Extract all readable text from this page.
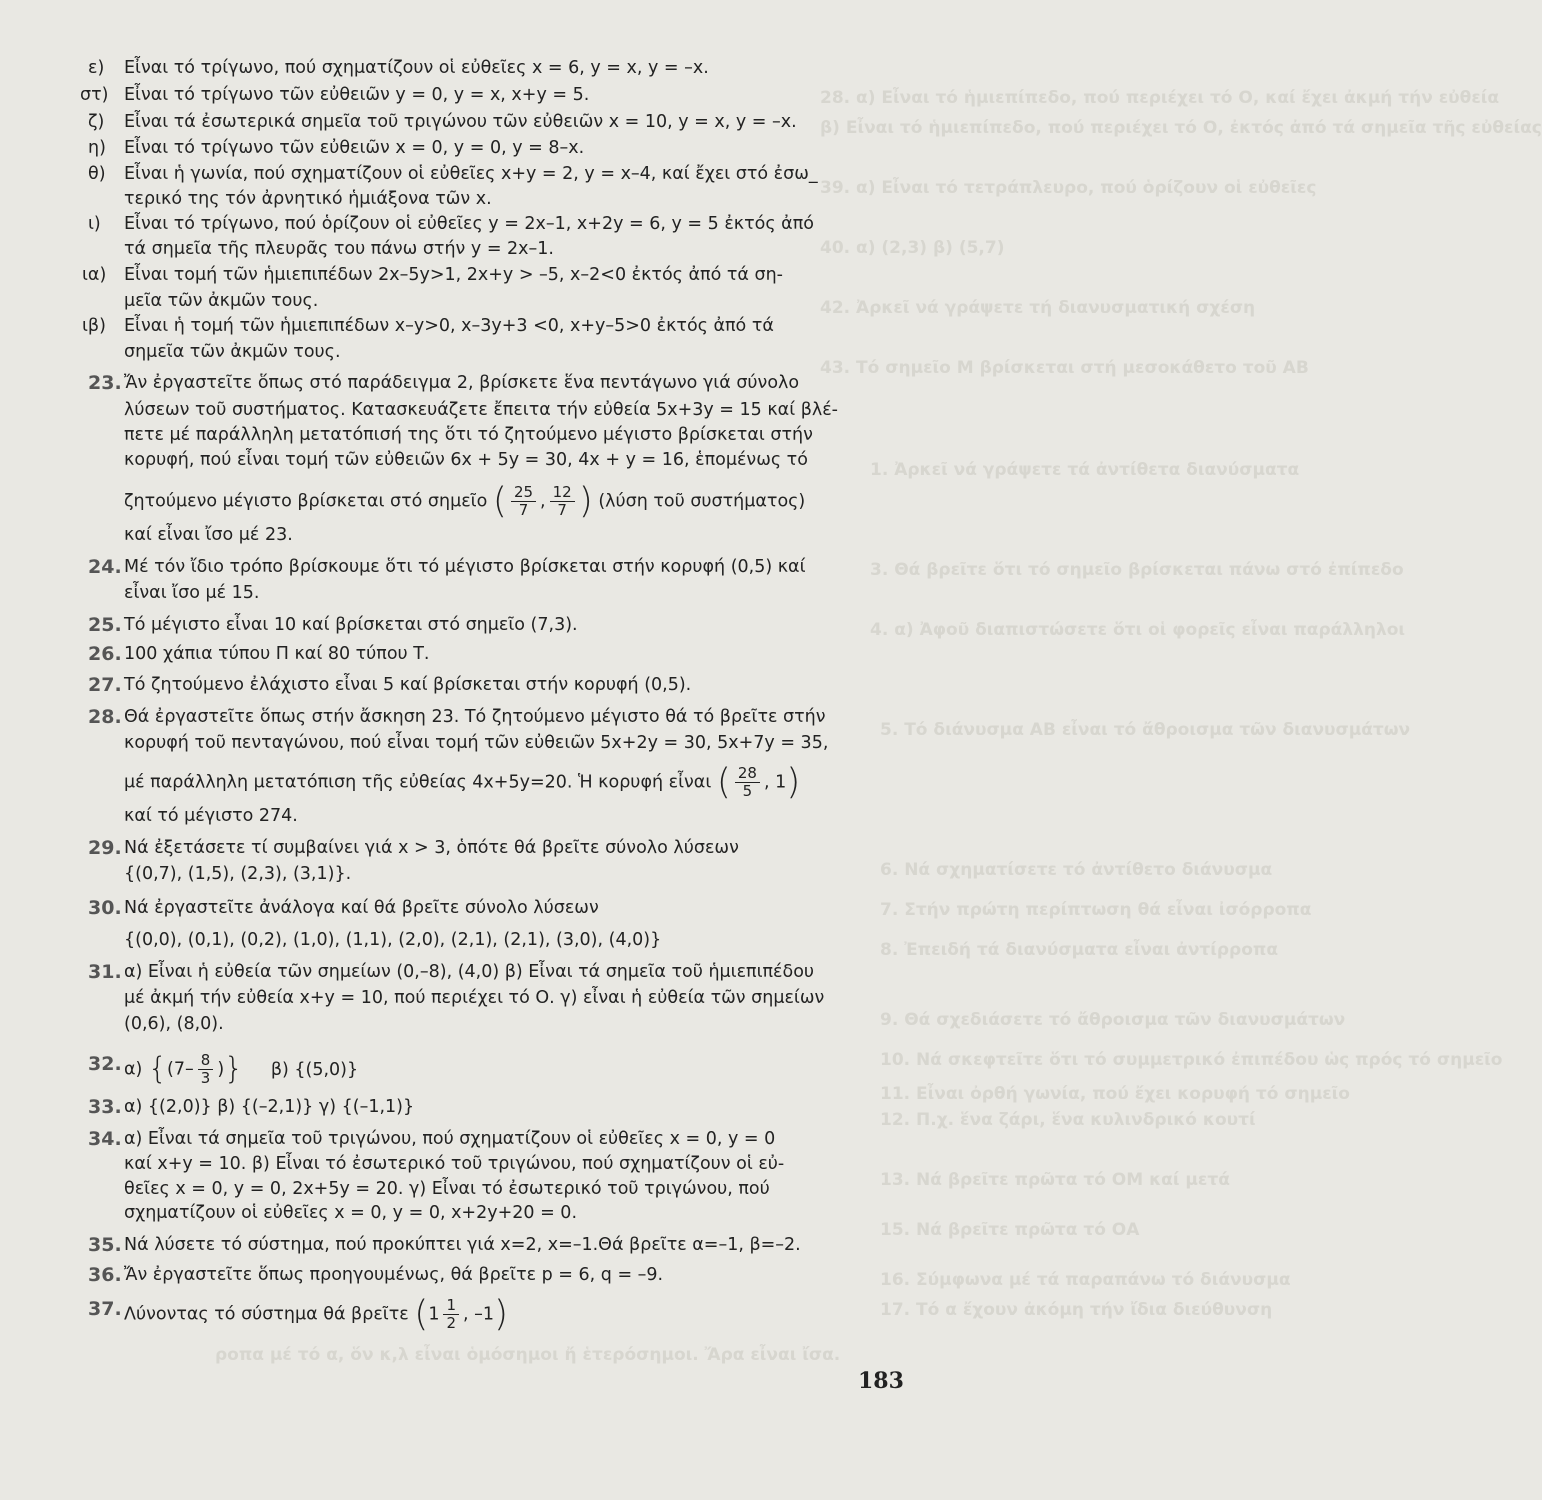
28. α) Εἶναι τό ἡμιεπίπεδο, πού περιέχει τό Ο, καί ἔχει ἀκμή τήν εὐθεία
β) Εἶναι τό ἡμιεπίπεδο, πού περιέχει τό Ο, ἐκτός ἀπό τά σημεῖα τῆς εὐθείας
39. α) Εἶναι τό τετράπλευρο, πού ὁρίζουν οἱ εὐθεῖες
40. α) (2,3) β) (5,7)
42. Ἀρκεῖ νά γράψετε τή διανυσματική σχέση
43. Τό σημεῖο Μ βρίσκεται στή μεσοκάθετο τοῦ ΑΒ
1. Ἀρκεῖ νά γράψετε τά ἀντίθετα διανύσματα
3. Θά βρεῖτε ὅτι τό σημεῖο βρίσκεται πάνω στό ἐπίπεδο
4. α) Ἀφοῦ διαπιστώσετε ὅτι οἱ φορεῖς εἶναι παράλληλοι
5. Τό διάνυσμα ΑΒ εἶναι τό ἄθροισμα τῶν διανυσμάτων
6. Νά σχηματίσετε τό ἀντίθετο διάνυσμα
7. Στήν πρώτη περίπτωση θά εἶναι ἰσόρροπα
8. Ἐπειδή τά διανύσματα εἶναι ἀντίρροπα
9. Θά σχεδιάσετε τό ἄθροισμα τῶν διανυσμάτων
10. Νά σκεφτεῖτε ὅτι τό συμμετρικό ἐπιπέδου ὡς πρός τό σημεῖο
11. Εἶναι ὀρθή γωνία, πού ἔχει κορυφή τό σημεῖο
12. Π.χ. ἕνα ζάρι, ἕνα κυλινδρικό κουτί
13. Νά βρεῖτε πρῶτα τό ΟΜ καί μετά
15. Νά βρεῖτε πρῶτα τό ΟΑ
16. Σύμφωνα μέ τά παραπάνω τό διάνυσμα
17. Τό α ἔχουν ἀκόμη τήν ἴδια διεύθυνση
ροπα μέ τό α, ὅν κ,λ εἶναι ὁμόσημοι ἤ ἑτερόσημοι. Ἄρα εἶναι ἴσα.
ε) Εἶναι τό τρίγωνο, πού σχηματίζουν οἱ εὐθεῖες x = 6, y = x, y = –x.
στ) Εἶναι τό τρίγωνο τῶν εὐθειῶν y = 0, y = x, x+y = 5.
ζ) Εἶναι τά ἐσωτερικά σημεῖα τοῦ τριγώνου τῶν εὐθειῶν x = 10, y = x, y = –x.
η) Εἶναι τό τρίγωνο τῶν εὐθειῶν x = 0, y = 0, y = 8–x.
θ) Εἶναι ἡ γωνία, πού σχηματίζουν οἱ εὐθεῖες x+y = 2, y = x–4, καί ἔχει στό ἐσω_
τερικό της τόν ἀρνητικό ἡμιάξονα τῶν x.
ι) Εἶναι τό τρίγωνο, πού ὁρίζουν οἱ εὐθεῖες y = 2x–1, x+2y = 6, y = 5 ἐκτός ἀπό
τά σημεῖα τῆς πλευρᾶς του πάνω στήν y = 2x–1.
ια) Εἶναι τομή τῶν ἡμιεπιπέδων 2x–5y>1, 2x+y > –5, x–2<0 ἐκτός ἀπό τά ση-
μεῖα τῶν ἀκμῶν τους.
ιβ) Εἶναι ἡ τομή τῶν ἡμιεπιπέδων x–y>0, x–3y+3 <0, x+y–5>0 ἐκτός ἀπό τά
σημεῖα τῶν ἀκμῶν τους.
23. Ἄν ἐργαστεῖτε ὅπως στό παράδειγμα 2, βρίσκετε ἕνα πεντάγωνο γιά σύνολο
λύσεων τοῦ συστήματος. Κατασκευάζετε ἔπειτα τήν εὐθεία 5x+3y = 15 καί βλέ-
πετε μέ παράλληλη μετατόπισή της ὅτι τό ζητούμενο μέγιστο βρίσκεται στήν
κορυφή, πού εἶναι τομή τῶν εὐθειῶν 6x + 5y = 30, 4x + y = 16, ἑπομένως τό
ζητούμενο μέγιστο βρίσκεται στό σημεῖο ( $\frac{25}{7}$ , $\frac{12}{7}$ ) (λύση τοῦ συστήματος)
καί εἶναι ἴσο μέ 23.
24. Μέ τόν ἴδιο τρόπο βρίσκουμε ὅτι τό μέγιστο βρίσκεται στήν κορυφή (0,5) καί
εἶναι ἴσο μέ 15.
25. Τό μέγιστο εἶναι 10 καί βρίσκεται στό σημεῖο (7,3).
26. 100 χάπια τύπου Π καί 80 τύπου Τ.
27. Τό ζητούμενο ἐλάχιστο εἶναι 5 καί βρίσκεται στήν κορυφή (0,5).
28. Θά ἐργαστεῖτε ὅπως στήν ἄσκηση 23. Τό ζητούμενο μέγιστο θά τό βρεῖτε στήν
κορυφή τοῦ πενταγώνου, πού εἶναι τομή τῶν εὐθειῶν 5x+2y = 30, 5x+7y = 35,
μέ παράλληλη μετατόπιση τῆς εὐθείας 4x+5y=20. Ἡ κορυφή εἶναι ( $\frac{28}{5}$ , 1)
καί τό μέγιστο 274.
29. Νά ἐξετάσετε τί συμβαίνει γιά x > 3, ὁπότε θά βρεῖτε σύνολο λύσεων
{(0,7), (1,5), (2,3), (3,1)}.
30. Νά ἐργαστεῖτε ἀνάλογα καί θά βρεῖτε σύνολο λύσεων
{(0,0), (0,1), (0,2), (1,0), (1,1), (2,0), (2,1), (2,1), (3,0), (4,0)}
31. α) Εἶναι ἡ εὐθεία τῶν σημείων (0,–8), (4,0) β) Εἶναι τά σημεῖα τοῦ ἡμιεπιπέδου
μέ ἀκμή τήν εὐθεία x+y = 10, πού περιέχει τό Ο. γ) εἶναι ἡ εὐθεία τῶν σημείων
(0,6), (8,0).
32. α) {($7- \frac{8}{3}$ )} β) {(5,0)}
33. α) {(2,0)} β) {(–2,1)} γ) {(–1,1)}
34. α) Εἶναι τά σημεῖα τοῦ τριγώνου, πού σχηματίζουν οἱ εὐθεῖες x = 0, y = 0
καί x+y = 10. β) Εἶναι τό ἐσωτερικό τοῦ τριγώνου, πού σχηματίζουν οἱ εὐ-
θεῖες x = 0, y = 0, 2x+5y = 20. γ) Εἶναι τό ἐσωτερικό τοῦ τριγώνου, πού
σχηματίζουν οἱ εὐθεῖες x = 0, y = 0, x+2y+20 = 0.
35. Νά λύσετε τό σύστημα, πού προκύπτει γιά x=2, x=–1.Θά βρεῖτε α=–1, β=–2.
36. Ἄν ἐργαστεῖτε ὅπως προηγουμένως, θά βρεῖτε p = 6, q = –9.
37. Λύνοντας τό σύστημα θά βρεῖτε ($1 \frac{1}{2}$ , –1)
183
